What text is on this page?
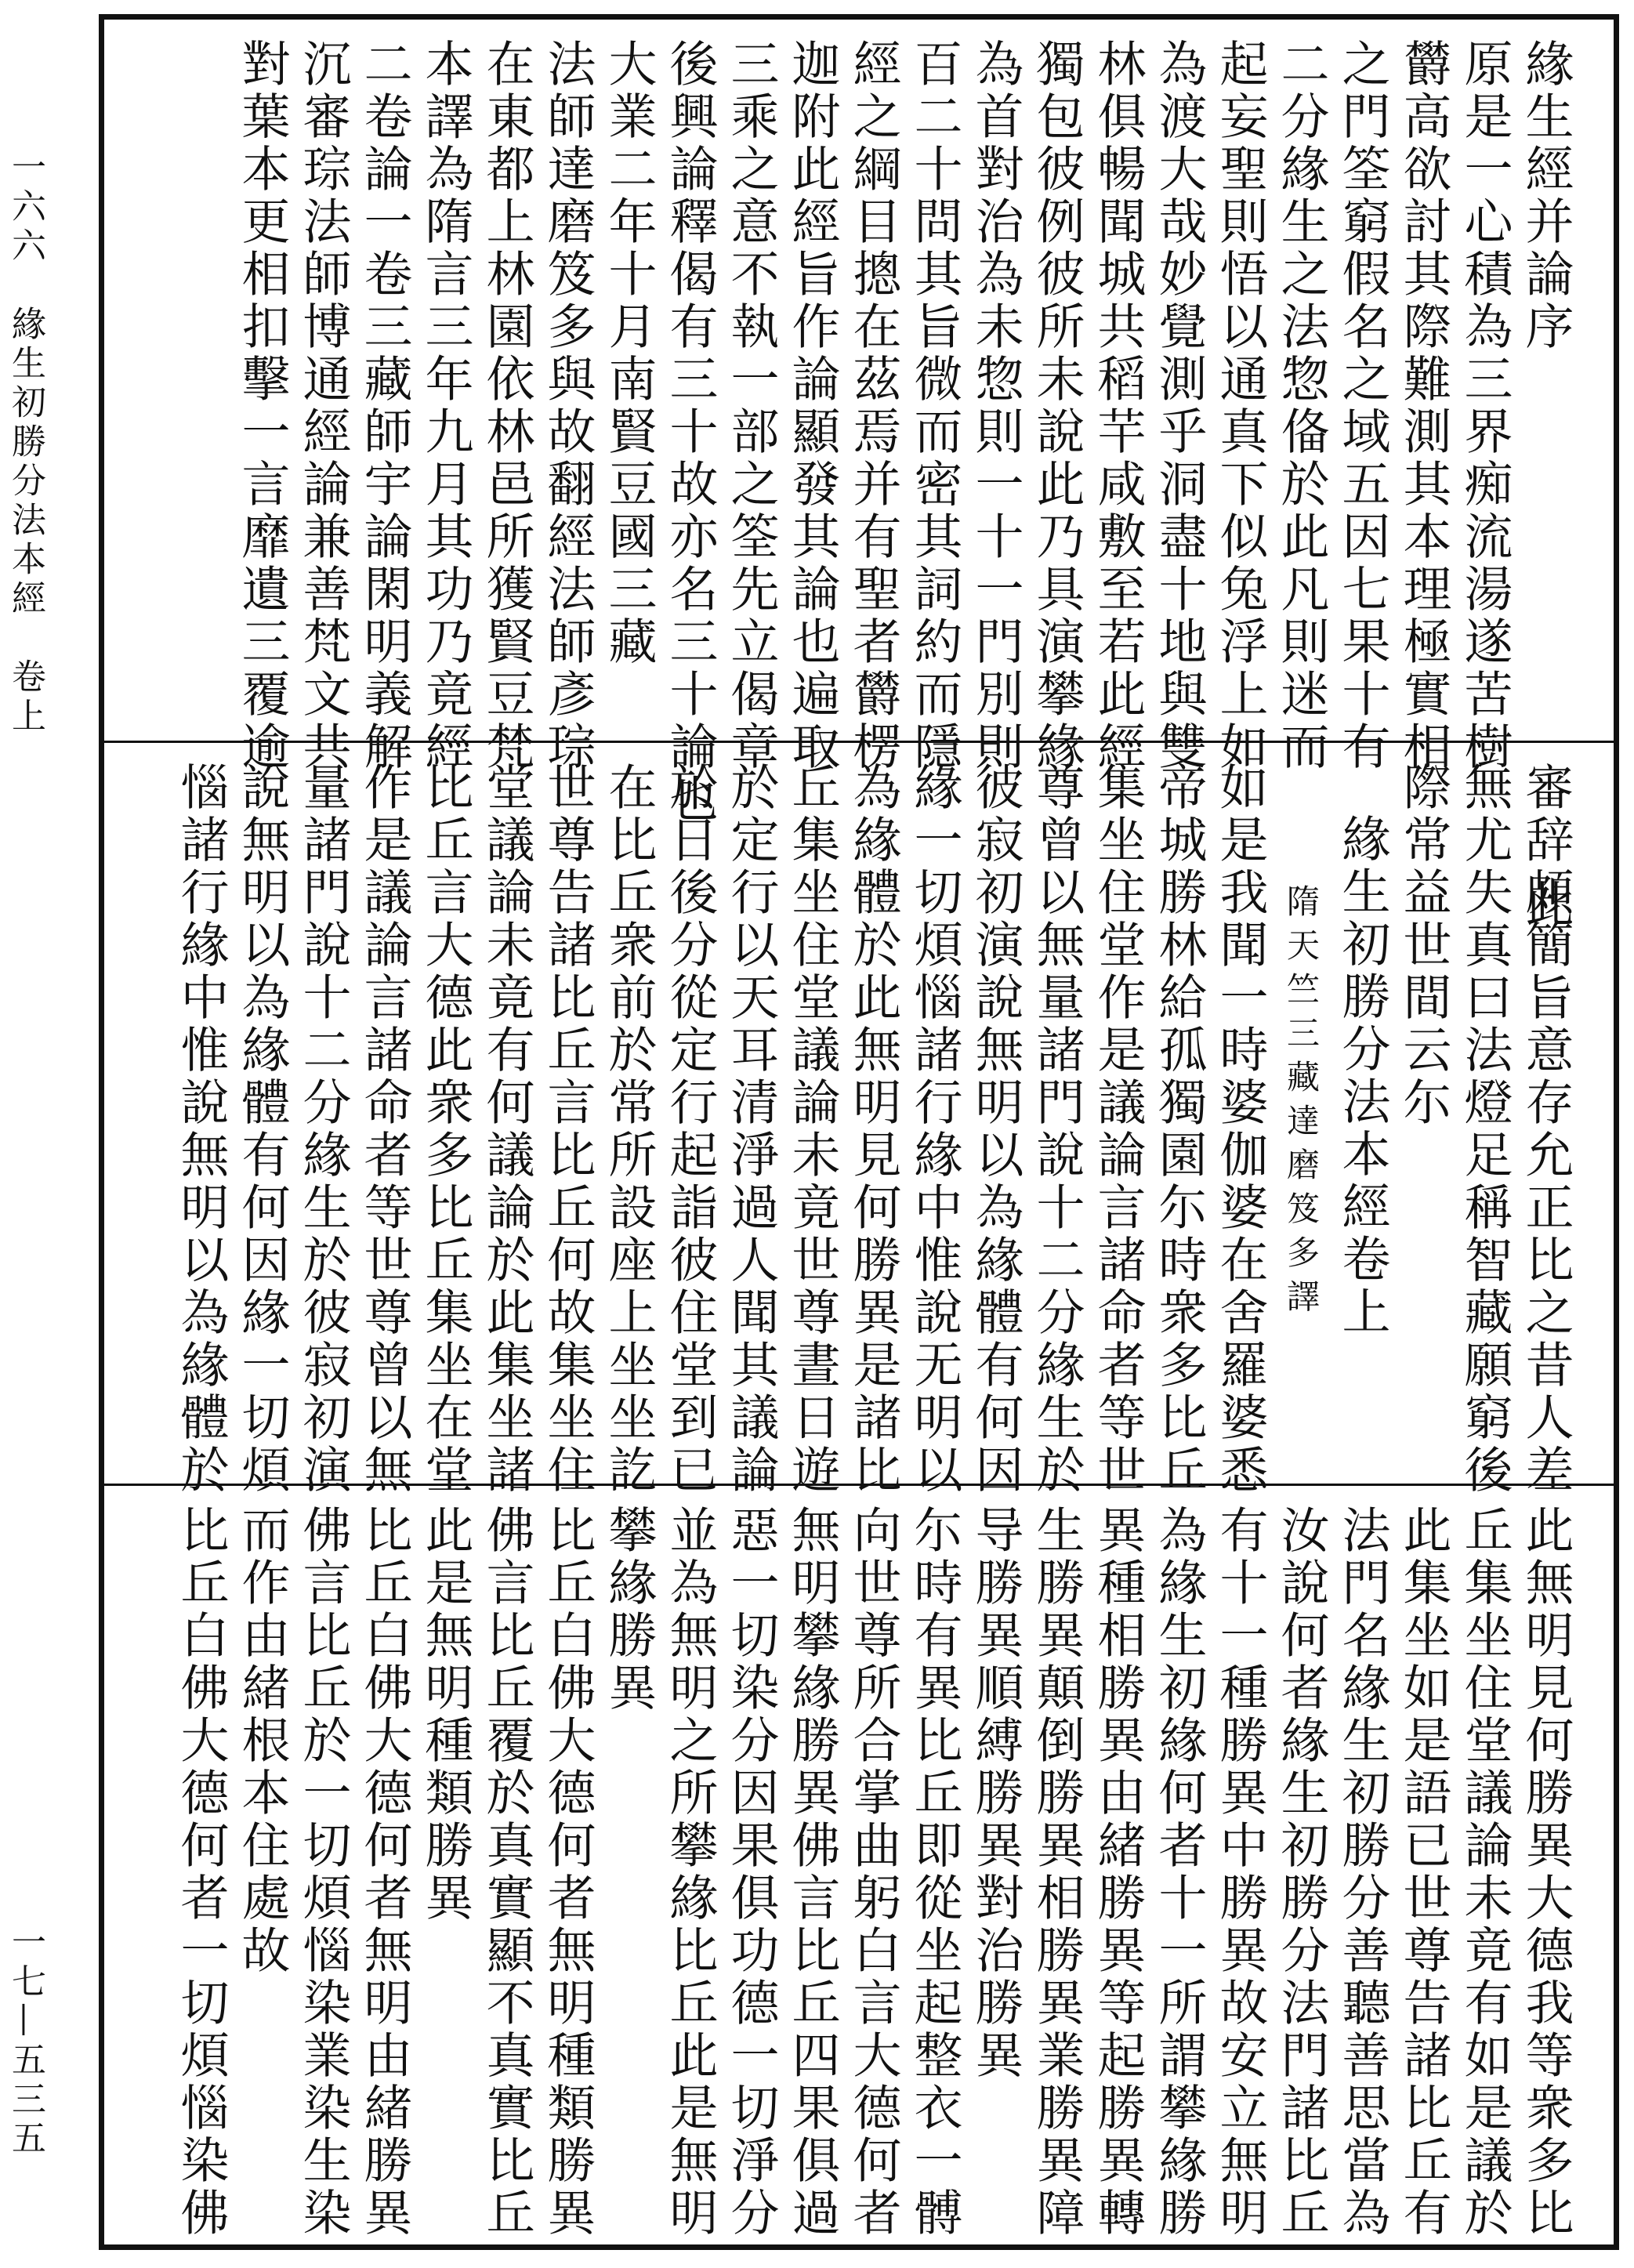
一六六　緣生初勝分法本經　卷上
一七—五三五
緣生經并論序　　　　　　　　　　此
原是一心積為三界痴流湯遂苦樹
欝高欲討其際難測其本理極實相
之門筌窮假名之域五因七果十有
二分緣生之法惣俻於此凡則迷而
起妄聖則悟以通真下似兔浮上如
為渡大哉妙覺測乎洞盡十地與雙
林俱暢聞城共稻芉咸敷至若此經
獨包彼例彼所未說此乃具演攀緣
為首對治為未惣則一十一門別則
百二十問其旨微而密其詞約而隱
經之綱目摠在茲焉并有聖者欝楞
迦附此經旨作論顯發其論也遍取
三乘之意不執一部之筌先立偈章
後興論釋偈有三十故亦名三十論也
大業二年十月南賢豆國三藏
法師達磨笈多與故翻經法師彥琮
在東都上林園依林邑所獲賢豆梵
本譯為隋言三年九月其功乃竟經
二卷論一卷三藏師宇論閑明義解
沉審琮法師博通經論兼善梵文共
對葉本更相扣擊一言靡遺三覆逾
審辞頗簡旨意存允正比之昔人差
無尤失真曰法燈足稱智藏願窮後
際常益世間云尓
緣生初勝分法本經卷上
隋天竺三藏達磨笈多譯
如是我聞一時婆伽婆在舍羅婆悉
帝城勝林給孤獨園尓時衆多比丘
集坐住堂作是議論言諸命者等世
尊曾以無量諸門說十二分緣生於
彼寂初演說無明以為緣體有何因
緣一切煩惱諸行緣中惟說无明以
為緣體於此無明見何勝異是諸比
丘集坐住堂議論未竟世尊晝日遊
於定行以天耳清淨過人聞其議論
於日後分從定行起詣彼住堂到已
在比丘衆前於常所設座上坐坐訖
世尊告諸比丘言比丘何故集坐住
堂議論未竟有何議論於此集坐諸
比丘言大德此衆多比丘集坐在堂
作是議論言諸命者等世尊曾以無
量諸門說十二分緣生於彼寂初演
說無明以為緣體有何因緣一切煩
惱諸行緣中惟說無明以為緣體於
此無明見何勝異大德我等衆多比
丘集坐住堂議論未竟有如是議於
此集坐如是語已世尊告諸比丘有
法門名緣生初勝分善聽善思當為
汝說何者緣生初勝分法門諸比丘
有十一種勝異中勝異故安立無明
為緣生初緣何者十一所謂攀緣勝
異種相勝異由緒勝異等起勝異轉
生勝異顛倒勝異相勝異業勝異障
导勝異順縛勝異對治勝異
尓時有異比丘即從坐起整衣一髆
向世尊所合掌曲躬白言大德何者
無明攀緣勝異佛言比丘四果俱過
惡一切染分因果俱功德一切淨分
並為無明之所攀緣比丘此是無明
攀緣勝異
比丘白佛大德何者無明種類勝異
佛言比丘覆於真實顯不真實比丘
此是無明種類勝異
比丘白佛大德何者無明由緒勝異
佛言比丘於一切煩惱染業染生染
而作由緒根本住處故
比丘白佛大德何者一切煩惱染佛
